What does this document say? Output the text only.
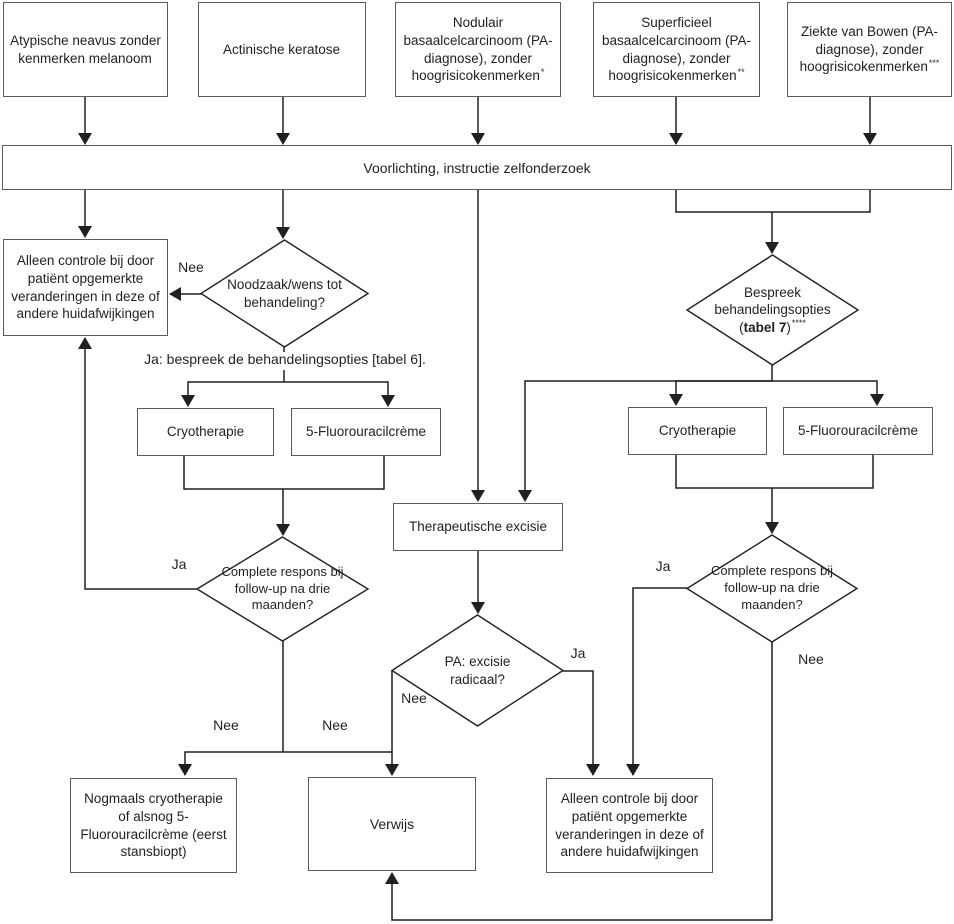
Atypische neavus zonder kenmerken melanoom
Actinische keratose
Nodulair basaalcelcarcinoom (PA-diagnose), zonder hoogrisicokenmerken*
Superficieel basaalcelcarcinoom (PA-diagnose), zonder hoogrisicokenmerken**
Ziekte van Bowen (PA-diagnose), zonder hoogrisicokenmerken***
Voorlichting, instructie zelfonderzoek
Alleen controle bij door patiënt opgemerkte veranderingen in deze of andere huidafwijkingen
Cryotherapie	5-Fluorouracilcrème
Therapeutische excisie
Cryotherapie	5-Fluorouracilcrème
Nogmaals cryotherapie of alsnog 5-Fluorouracilcrème (eerst stansbiopt)
Verwijs
Alleen controle bij door patiënt opgemerkte veranderingen in deze of andere huidafwijkingen
Noodzaak/wens tot behandeling?
Bespreek
behandelingsopties
(tabel 7)****
Complete respons bij follow-up na drie maanden?
PA: excisie radicaal?
Complete respons bij follow-up na drie maanden?
Nee
Ja: bespreek de behandelingsopties [tabel 6].
Ja
Nee	Nee
Nee
Ja
Ja
Nee
